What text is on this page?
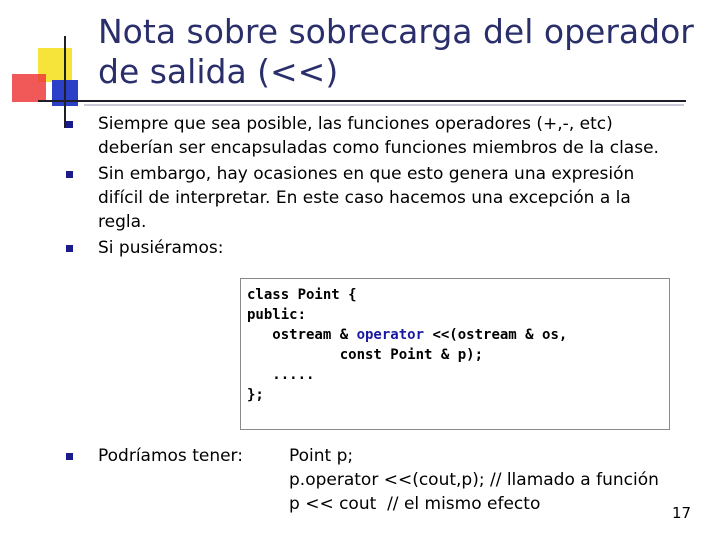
Nota sobre sobrecarga del operador
de salida (<<)
Siempre que sea posible, las funciones operadores (+,-, etc)
deberían ser encapsuladas como funciones miembros de la clase.
Sin embargo, hay ocasiones en que esto genera una expresión
difícil de interpretar. En este caso hacemos una excepción a la
regla.
Si pusiéramos:
class Point {
public:
ostream & operator <<(ostream & os,
const Point & p);
.....
};
Podríamos tener:	Point p;
p.operator <<(cout,p); // llamado a función
p << cout  // el mismo efecto	17
